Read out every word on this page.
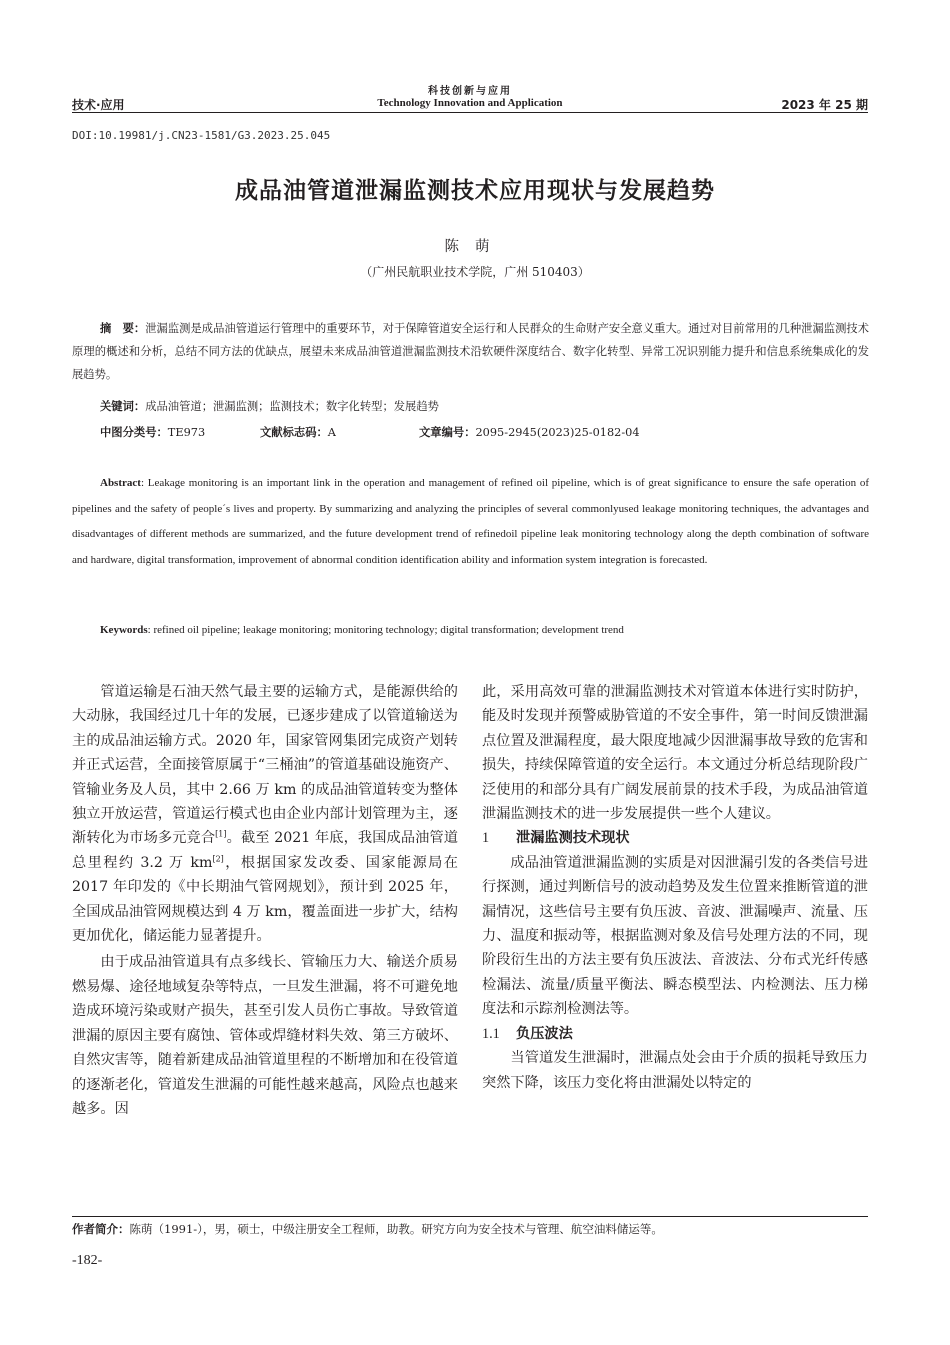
技术·应用
科技创新与应用
Technology Innovation and Application	2023 年 25 期
DOI:10.19981/j.CN23-1581/G3.2023.25.045
成品油管道泄漏监测技术应用现状与发展趋势
陈萌
（广州民航职业技术学院，广州 510403）
摘　要：泄漏监测是成品油管道运行管理中的重要环节，对于保障管道安全运行和人民群众的生命财产安全意义重大。通过对目前常用的几种泄漏监测技术原理的概述和分析，总结不同方法的优缺点，展望未来成品油管道泄漏监测技术沿软硬件深度结合、数字化转型、异常工况识别能力提升和信息系统集成化的发展趋势。
关键词：成品油管道；泄漏监测；监测技术；数字化转型；发展趋势
中图分类号：TE973	文献标志码：A	文章编号：2095-2945(2023)25-0182-04
Abstract: Leakage monitoring is an important link in the operation and management of refined oil pipeline, which is of great significance to ensure the safe operation of pipelines and the safety of people´s lives and property. By summarizing and analyzing the principles of several commonlyused leakage monitoring techniques, the advantages and disadvantages of different methods are summarized, and the future development trend of refinedoil pipeline leak monitoring technology along the depth combination of software and hardware, digital transformation, improvement of abnormal condition identification ability and information system integration is forecasted.
Keywords: refined oil pipeline; leakage monitoring; monitoring technology; digital transformation; development trend

管道运输是石油天然气最主要的运输方式，是能源供给的大动脉，我国经过几十年的发展，已逐步建成了以管道输送为主的成品油运输方式。2020 年，国家管网集团完成资产划转并正式运营，全面接管原属于“三桶油”的管道基础设施资产、管输业务及人员，其中 2.66 万 km 的成品油管道转变为整体独立开放运营，管道运行模式也由企业内部计划管理为主，逐渐转化为市场多元竞合[1]。截至 2021 年底，我国成品油管道总里程约 3.2 万 km[2]，根据国家发改委、国家能源局在 2017 年印发的《中长期油气管网规划》，预计到 2025 年，全国成品油管网规模达到 4 万 km，覆盖面进一步扩大，结构更加优化，储运能力显著提升。

由于成品油管道具有点多线长、管输压力大、输送介质易燃易爆、途径地域复杂等特点，一旦发生泄漏，将不可避免地造成环境污染或财产损失，甚至引发人员伤亡事故。导致管道泄漏的原因主要有腐蚀、管体或焊缝材料失效、第三方破坏、自然灾害等，随着新建成品油管道里程的不断增加和在役管道的逐渐老化，管道发生泄漏的可能性越来越高，风险点也越来越多。因

此，采用高效可靠的泄漏监测技术对管道本体进行实时防护，能及时发现并预警威胁管道的不安全事件，第一时间反馈泄漏点位置及泄漏程度，最大限度地减少因泄漏事故导致的危害和损失，持续保障管道的安全运行。本文通过分析总结现阶段广泛使用的和部分具有广阔发展前景的技术手段，为成品油管道泄漏监测技术的进一步发展提供一些个人建议。

1 泄漏监测技术现状

成品油管道泄漏监测的实质是对因泄漏引发的各类信号进行探测，通过判断信号的波动趋势及发生位置来推断管道的泄漏情况，这些信号主要有负压波、音波、泄漏噪声、流量、压力、温度和振动等，根据监测对象及信号处理方法的不同，现阶段衍生出的方法主要有负压波法、音波法、分布式光纤传感检漏法、流量/质量平衡法、瞬态模型法、内检测法、压力梯度法和示踪剂检测法等。

1.1 负压波法

当管道发生泄漏时，泄漏点处会由于介质的损耗导致压力突然下降，该压力变化将由泄漏处以特定的

作者简介：陈萌（1991-），男，硕士，中级注册安全工程师，助教。研究方向为安全技术与管理、航空油料储运等。
-182-
